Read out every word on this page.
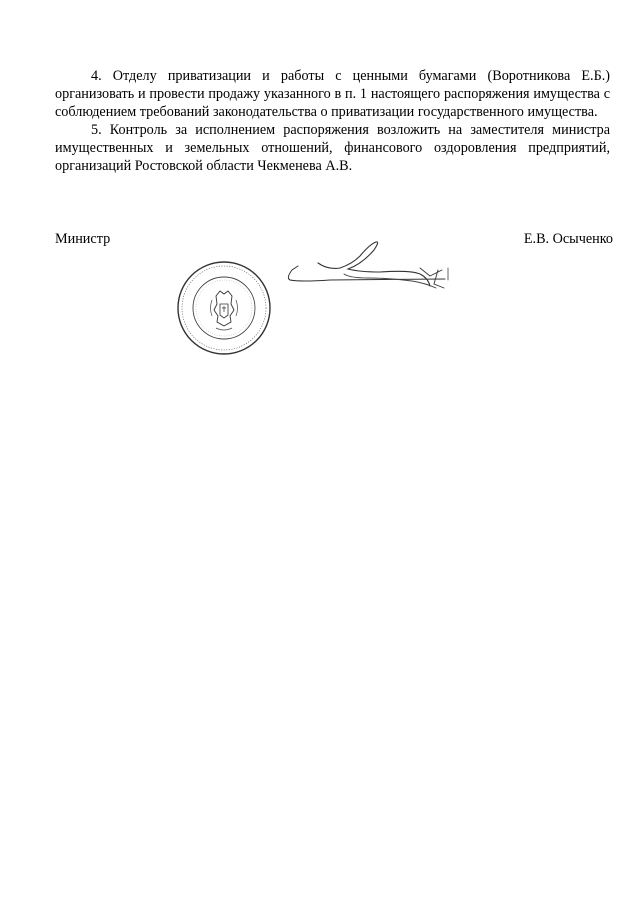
4. Отделу приватизации и работы с ценными бумагами (Воротникова Е.Б.) организовать и провести продажу указанного в п. 1 настоящего распоряжения имущества с соблюдением требований законодательства о приватизации государственного имущества.

5. Контроль за исполнением распоряжения возложить на заместителя министра имущественных и земельных отношений, финансового оздоровления предприятий, организаций Ростовской области Чекменева А.В.

Министр	Е.В. Осыченко
